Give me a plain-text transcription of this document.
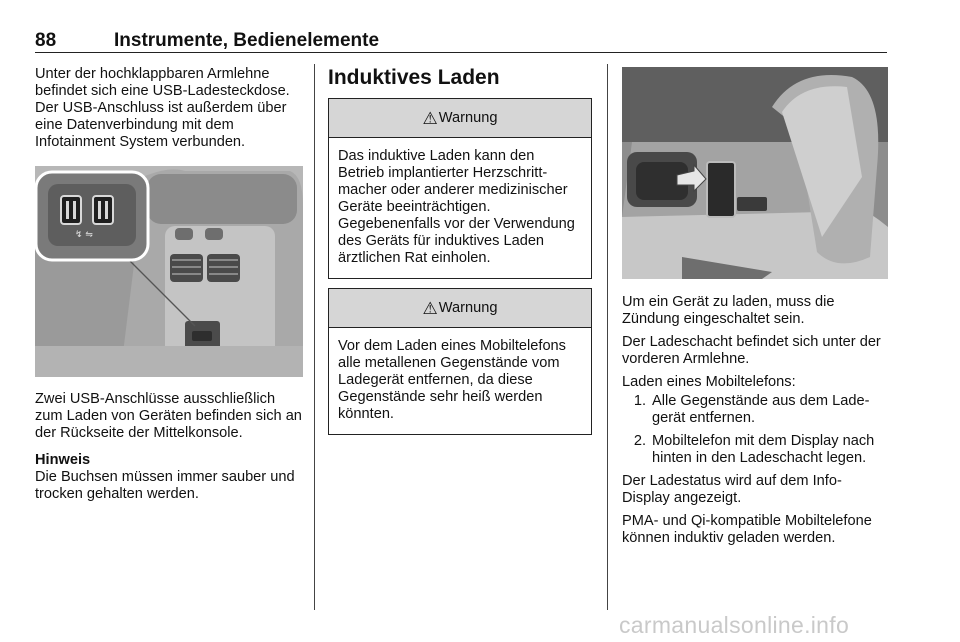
88	Instrumente, Bedienelemente

Unter der hochklappbaren Armlehne befindet sich eine USB-Ladesteckdose. Der USB-Anschluss ist außerdem über eine Datenverbindung mit dem Infotainment System verbunden.

↯ ⇋

Zwei USB-Anschlüsse ausschließlich zum Laden von Geräten befinden sich an der Rückseite der Mittelkonsole.

Hinweis

Die Buchsen müssen immer sauber und trocken gehalten werden.

Induktives Laden
⚠ Warnung
Das induktive Laden kann den Betrieb implantierter Herzschrittmacher oder anderer medizinischer Geräte beeinträchtigen. Gegebenenfalls vor der Verwendung des Geräts für induktives Laden ärztlichen Rat einholen.
⚠ Warnung
Vor dem Laden eines Mobiltelefons alle metallenen Gegenstände vom Ladegerät entfernen, da diese Gegenstände sehr heiß werden könnten.

Um ein Gerät zu laden, muss die Zündung eingeschaltet sein.

Der Ladeschacht befindet sich unter der vorderen Armlehne.

Laden eines Mobiltelefons:

1. Alle Gegenstände aus dem Ladegerät entfernen.
2. Mobiltelefon mit dem Display nach hinten in den Ladeschacht legen.

Der Ladestatus wird auf dem Info-Display angezeigt.

PMA- und Qi-kompatible Mobiltelefone können induktiv geladen werden.

carmanualsonline.info
